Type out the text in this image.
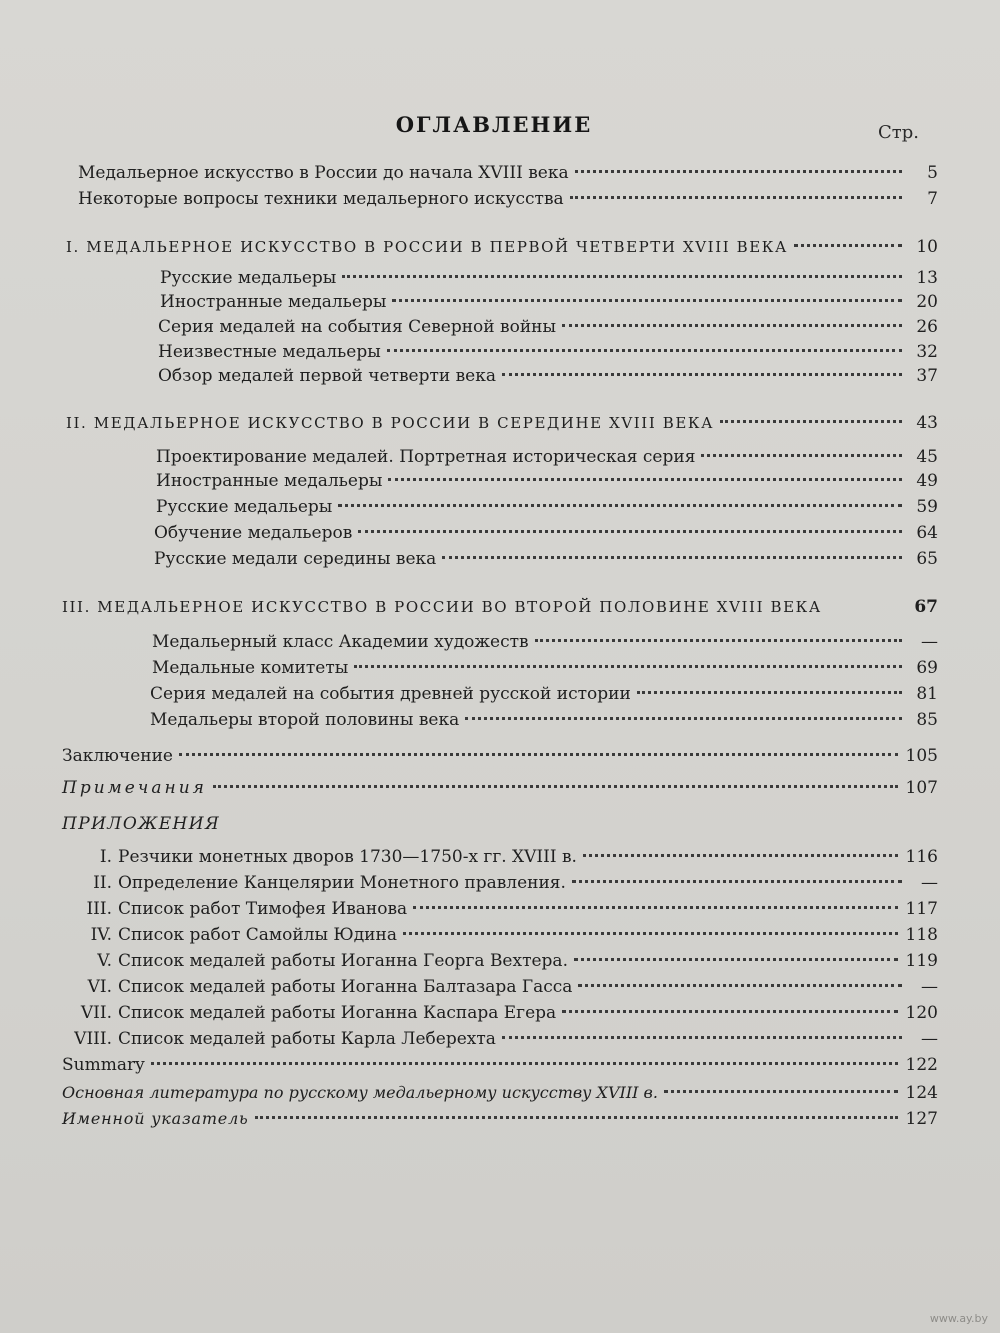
ОГЛАВЛЕНИЕ	Стр.
Медальерное искусство в России до начала XVIII века	5
Некоторые вопросы техники медальерного искусства	7
I. МЕДАЛЬЕРНОЕ ИСКУССТВО В РОССИИ В ПЕРВОЙ ЧЕТВЕРТИ XVIII ВЕКА	10
Русские медальеры	13
Иностранные медальеры	20
Серия медалей на события Северной войны	26
Неизвестные медальеры	32
Обзор медалей первой четверти века	37
II. МЕДАЛЬЕРНОЕ ИСКУССТВО В РОССИИ В СЕРЕДИНЕ XVIII ВЕКА	43
Проектирование медалей. Портретная историческая серия	45
Иностранные медальеры	49
Русские медальеры	59
Обучение медальеров	64
Русские медали середины века	65
III. МЕДАЛЬЕРНОЕ ИСКУССТВО В РОССИИ ВО ВТОРОЙ ПОЛОВИНЕ XVIII ВЕКА	67
Медальерный класс Академии художеств	—
Медальные комитеты	69
Серия медалей на события древней русской истории	81
Медальеры второй половины века	85
Заключение	105
Примечания	107
ПРИЛОЖЕНИЯ
I. Резчики монетных дворов 1730—1750-х гг. XVIII в.	116
II. Определение Канцелярии Монетного правления.	—
III. Список работ Тимофея Иванова	117
IV. Список работ Самойлы Юдина	118
V. Список медалей работы Иоганна Георга Вехтера.	119
VI. Список медалей работы Иоганна Балтазара Гасса	—
VII. Список медалей работы Иоганна Каспара Егера	120
VIII. Список медалей работы Карла Леберехта	—
Summary	122
Основная литература по русскому медальерному искусству XVIII в.	124
Именной указатель	127
www.ay.by
